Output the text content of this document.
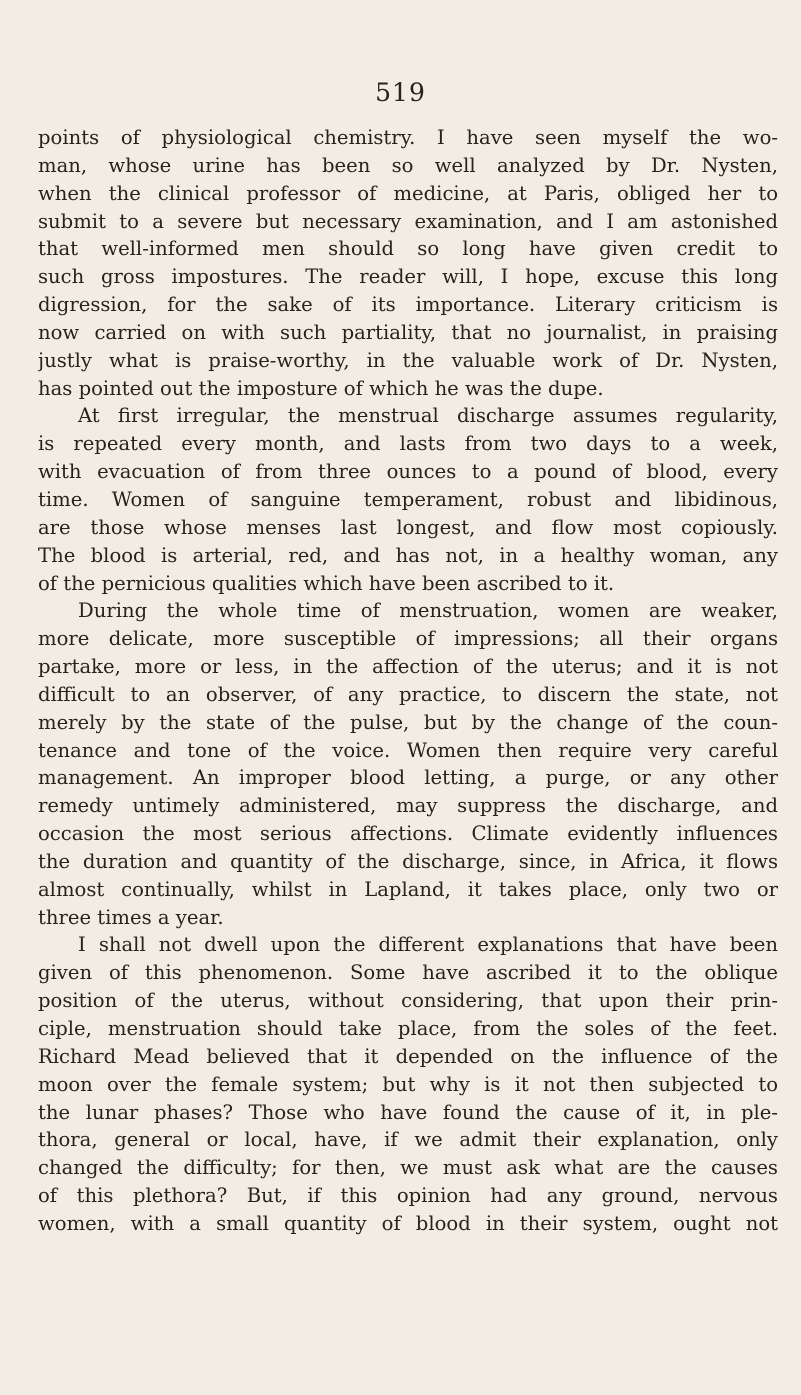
519
points of physiological chemistry. I have seen myself the wo-
man, whose urine has been so well analyzed by Dr. Nysten,
when the clinical professor of medicine, at Paris, obliged her to
submit to a severe but necessary examination, and I am astonished
that well-informed men should so long have given credit to
such gross impostures. The reader will, I hope, excuse this long
digression, for the sake of its importance. Literary criticism is
now carried on with such partiality, that no journalist, in praising
justly what is praise-worthy, in the valuable work of Dr. Nysten,
has pointed out the imposture of which he was the dupe.
At first irregular, the menstrual discharge assumes regularity,
is repeated every month, and lasts from two days to a week,
with evacuation of from three ounces to a pound of blood, every
time. Women of sanguine temperament, robust and libidinous,
are those whose menses last longest, and flow most copiously.
The blood is arterial, red, and has not, in a healthy woman, any
of the pernicious qualities which have been ascribed to it.
During the whole time of menstruation, women are weaker,
more delicate, more susceptible of impressions; all their organs
partake, more or less, in the affection of the uterus; and it is not
difficult to an observer, of any practice, to discern the state, not
merely by the state of the pulse, but by the change of the coun-
tenance and tone of the voice. Women then require very careful
management. An improper blood letting, a purge, or any other
remedy untimely administered, may suppress the discharge, and
occasion the most serious affections. Climate evidently influences
the duration and quantity of the discharge, since, in Africa, it flows
almost continually, whilst in Lapland, it takes place, only two or
three times a year.
I shall not dwell upon the different explanations that have been
given of this phenomenon. Some have ascribed it to the oblique
position of the uterus, without considering, that upon their prin-
ciple, menstruation should take place, from the soles of the feet.
Richard Mead believed that it depended on the influence of the
moon over the female system; but why is it not then subjected to
the lunar phases? Those who have found the cause of it, in ple-
thora, general or local, have, if we admit their explanation, only
changed the difficulty; for then, we must ask what are the causes
of this plethora? But, if this opinion had any ground, nervous
women, with a small quantity of blood in their system, ought not
